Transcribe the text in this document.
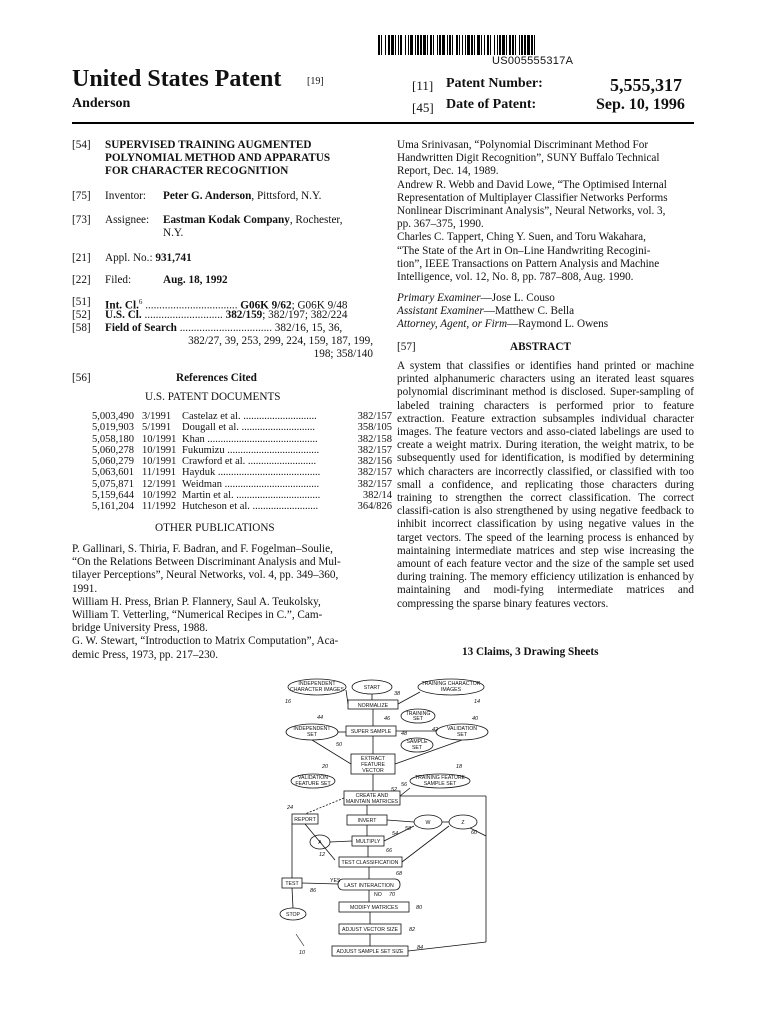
US005555317A
United States Patent	[19]
Anderson
[11] Patent Number:	5,555,317
[45] Date of Patent:	Sep. 10, 1996
[54] SUPERVISED TRAINING AUGMENTED
POLYNOMIAL METHOD AND APPARATUS
FOR CHARACTER RECOGNITION
[75] Inventor: Peter G. Anderson, Pittsford, N.Y.
[73] Assignee: Eastman Kodak Company, Rochester,
N.Y.
[21] Appl. No.: 931,741
[22] Filed:	Aug. 18, 1992
[51] Int. Cl.$^6$ ................................. G06K 9/62; G06K 9/48
[52] U.S. Cl. ............................ 382/159; 382/197; 382/224
[58] Field of Search ................................. 382/16, 15, 36,
382/27, 39, 253, 299, 224, 159, 187, 199,
198; 358/140
[56]	References Cited
U.S. PATENT DOCUMENTS
5,003,490 3/1991	Castelaz et al. ............................	382/157
5,019,903 5/1991	Dougall et al. ............................	358/105
5,058,180 10/1991 Khan ..........................................	382/158
5,060,278 10/1991 Fukumizu ...................................	382/157
5,060,279 10/1991 Crawford et al. ..........................	382/156
5,063,601 11/1991 Hayduk .......................................	382/157
5,075,871 12/1991 Weidman ....................................	382/157
5,159,644 10/1992 Martin et al. ................................	382/14
5,161,204 11/1992 Hutcheson et al. .........................	364/826
OTHER PUBLICATIONS
P. Gallinari, S. Thiria, F. Badran, and F. Fogelman–Soulie,
“On the Relations Between Discriminant Analysis and Mul-
tilayer Perceptions”, Neural Networks, vol. 4, pp. 349–360,
1991.
William H. Press, Brian P. Flannery, Saul A. Teukolsky,
William T. Vetterling, “Numerical Recipes in C.”, Cam-
bridge University Press, 1988.
G. W. Stewart, “Introduction to Matrix Computation”, Aca-
demic Press, 1973, pp. 217–230.
Uma Srinivasan, “Polynomial Discriminant Method For
Handwritten Digit Recognition”, SUNY Buffalo Technical
Report, Dec. 14, 1989.
Andrew R. Webb and David Lowe, “The Optimised Internal
Representation of Multiplayer Classifier Networks Performs
Nonlinear Discriminant Analysis”, Neural Networks, vol. 3,
pp. 367–375, 1990.
Charles C. Tappert, Ching Y. Suen, and Toru Wakahara,
“The State of the Art in On–Line Handwriting Recogini-
tion”, IEEE Transactions on Pattern Analysis and Machine
Intelligence, vol. 12, No. 8, pp. 787–808, Aug. 1990.
Primary Examiner—Jose L. Couso
Assistant Examiner—Matthew C. Bella
Attorney, Agent, or Firm—Raymond L. Owens
[57]	ABSTRACT
A system that classifies or identifies hand printed or machine printed alphanumeric characters using an iterated least squares polynomial discriminant method is disclosed. Super-sampling of labeled training characters is performed prior to feature extraction. Feature extraction subsamples individual character images. The feature vectors and asso-ciated labelings are used to create a weight matrix. During iteration, the weight matrix, to be subsequently used for identification, is modified by determining which characters are incorrectly classified, or classified with too small a confidence, and replicating those characters during training to strengthen the correct classification. The correct classifi-cation is also strengthened by using negative feedback to inhibit incorrect classification by using negative values in the target vectors. The speed of the learning process is enhanced by maintaining intermediate matrices and step wise increasing the amount of each feature vector and the size of the sample set used during training. The memory efficiency utilization is enhanced by maintaining and modi-fying intermediate matrices and compressing the sparse binary features vectors.
13 Claims, 3 Drawing Sheets
INDEPENDENT
CHARACTER IMAGES	START
TRAINING CHARACTOR
IMAGES
NORMALIZE
TRAINING
SET
INDEPENDENT
SET	SUPER SAMPLE	VALIDATION
SET
SAMPLE
SET
EXTRACT
FEATURE
VECTOR
VALIDATION
FEATURE SET
TRAINING FEATURE
SAMPLE SET
CREATE AND
MAINTAIN MATRICES
REPORT	INVERT	W	Z
A	MULTIPLY
TEST CLASSIFICATION
TEST	LAST INTERACTION
YES
NO
MODIFY MATRICES
STOP
ADJUST VECTOR SIZE
ADJUST SAMPLE SET SIZE
16
38
14
44	46	40
48
42
50
20	18
56
24
52
58
54	60
66
12
68
86
70
80
82
84
10
